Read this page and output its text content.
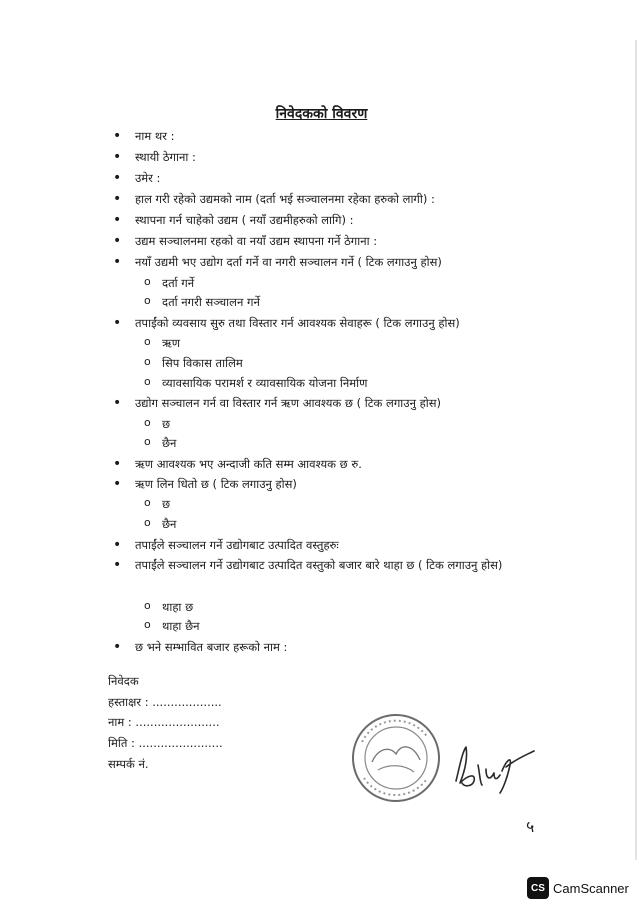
निवेदकको विवरण
• नाम थर :
• स्थायी ठेगाना :
• उमेर :
• हाल गरी रहेको उद्यमको नाम (दर्ता भई सञ्चालनमा रहेका हरुको लागी) :
• स्थापना गर्न चाहेको उद्यम ( नयाँ उद्यमीहरुको लागि) :
• उद्यम सञ्चालनमा रहको वा नयाँ उद्यम स्थापना गर्ने ठेगाना :
• नयाँ उद्यमी भए उद्योग दर्ता गर्ने वा नगरी सञ्चालन गर्ने ( टिक लगाउनु होस)
o दर्ता गर्ने
o दर्ता नगरी सञ्चालन गर्ने
• तपाईंको व्यवसाय सुरु तथा विस्तार गर्न आवश्यक सेवाहरू ( टिक लगाउनु होस)
o ऋण
o सिप विकास तालिम
o व्यावसायिक परामर्श र व्यावसायिक योजना निर्माण
• उद्योग सञ्चालन गर्न वा विस्तार गर्न ऋण आवश्यक छ ( टिक लगाउनु होस)
o छ
o छैन
• ऋण आवश्यक भए अन्दाजी कति सम्म आवश्यक छ रु.
• ऋण लिन धितो छ ( टिक लगाउनु होस)
o छ
o छैन
• तपाईंले सञ्चालन गर्ने उद्योगबाट उत्पादित वस्तुहरुः
• तपाईंले सञ्चालन गर्ने उद्योगबाट उत्पादित वस्तुको बजार बारे थाहा छ ( टिक लगाउनु होस)
o थाहा छ
o थाहा छैन
• छ भने सम्भावित बजार हरूको नाम :
निवेदक
हस्ताक्षर : ...................
नाम : .......................
मिति : .......................
सम्पर्क नं.
५
CS CamScanner
